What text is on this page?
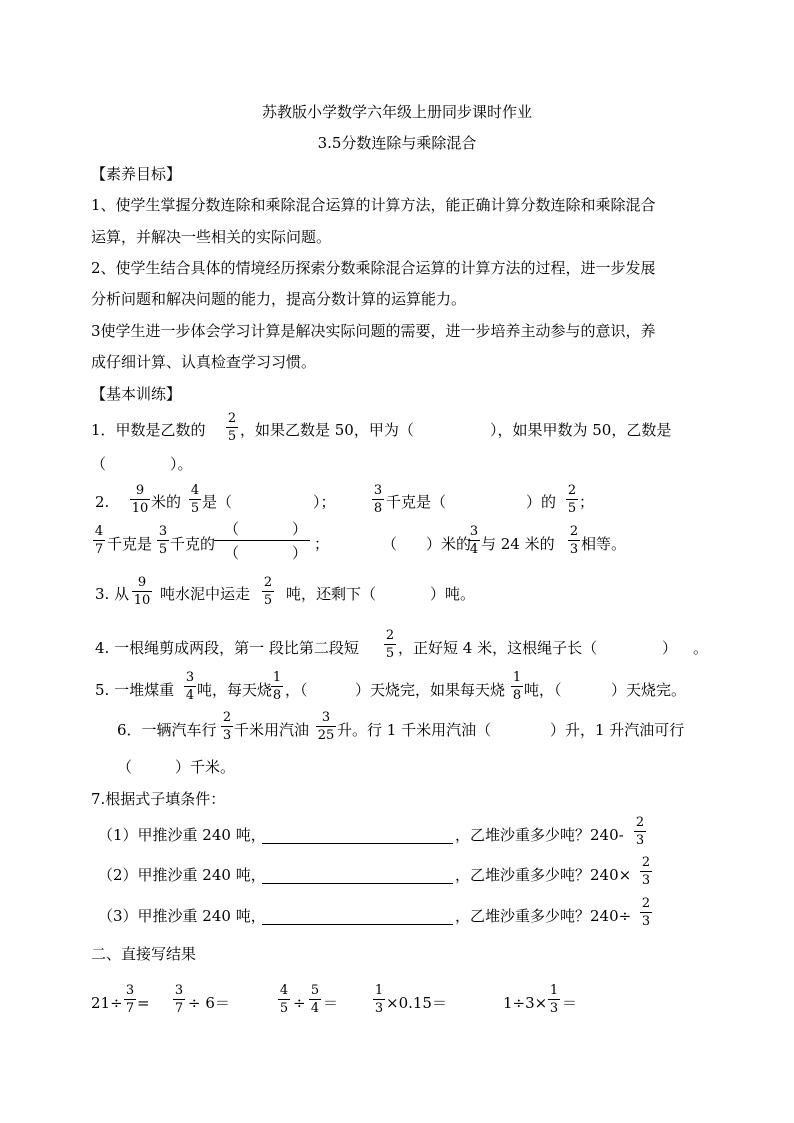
苏教版小学数学六年级上册同步课时作业
3.5分数连除与乘除混合
【素养目标】
1、使学生掌握分数连除和乘除混合运算的计算方法，能正确计算分数连除和乘除混合
运算，并解决一些相关的实际问题。
2、使学生结合具体的情境经历探索分数乘除混合运算的计算方法的过程，进一步发展
分析问题和解决问题的能力，提高分数计算的运算能力。
3使学生进一步体会学习计算是解决实际问题的需要，进一步培养主动参与的意识，养
成仔细计算、认真检查学习习惯。
【基本训练】
1．甲数是乙数的
2
5 ，如果乙数是 50，甲为（	），如果甲数为 50，乙数是
（	）。
2.
9
10 米的
4
5 是（	）；
3
8 千克是（	）的
2
5 ；
4
7 千克是
3
5 千克的
（	）
（	） ；	（ ）米的
3
4 与 24 米的
2
3 相等。
3. 从
9
10 吨水泥中运走
2
5 吨，还剩下（	）吨。
4. 一根绳剪成两段，第一 段比第二段短
2
5 ，正好短 4 米，这根绳子长（	） 。
5. 一堆煤重
3
4 吨，每天烧
1
8 ，（	）天烧完，如果每天烧
1
8 吨，（	）天烧完。
6．一辆汽车行
2
3 千米用汽油
3
25 升。行 1 千米用汽油（	）升，1 升汽油可行
（	）千米。
7.根据式子填条件：
（1）甲推沙重 240 吨，	，乙堆沙重多少吨？240-
2
3
（2）甲推沙重 240 吨，	，乙堆沙重多少吨？240×
2
3
（3）甲推沙重 240 吨，	，乙堆沙重多少吨？240÷
2
3
二、直接写结果
21÷
3
7 =
3
7 ÷ 6＝
4
5 ÷
5
4 ＝
1
3 ×0.15＝	1÷3×
1
3 ＝
